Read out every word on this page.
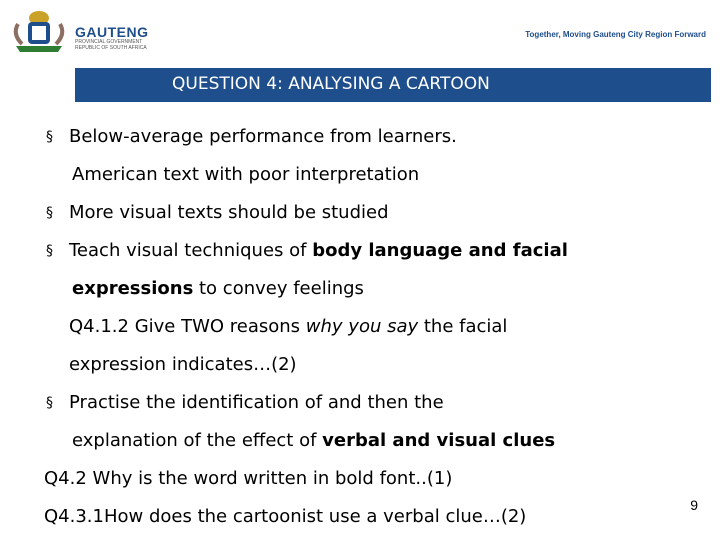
GAUTENG
PROVINCIAL GOVERNMENT
REPUBLIC OF SOUTH AFRICA
Together, Moving Gauteng City Region Forward
QUESTION 4: ANALYSING A CARTOON
§ Below-average performance from learners.
American text with poor interpretation
§ More visual texts should be studied
§ Teach visual techniques of body language and facial
expressions to convey feelings
Q4.1.2 Give TWO reasons why you say the facial
expression indicates…(2)
§ Practise the identification of and then the
explanation of the effect of verbal and visual clues
Q4.2 Why is the word written in bold font..(1)
Q4.3.1How does the cartoonist use a verbal clue…(2)
9
